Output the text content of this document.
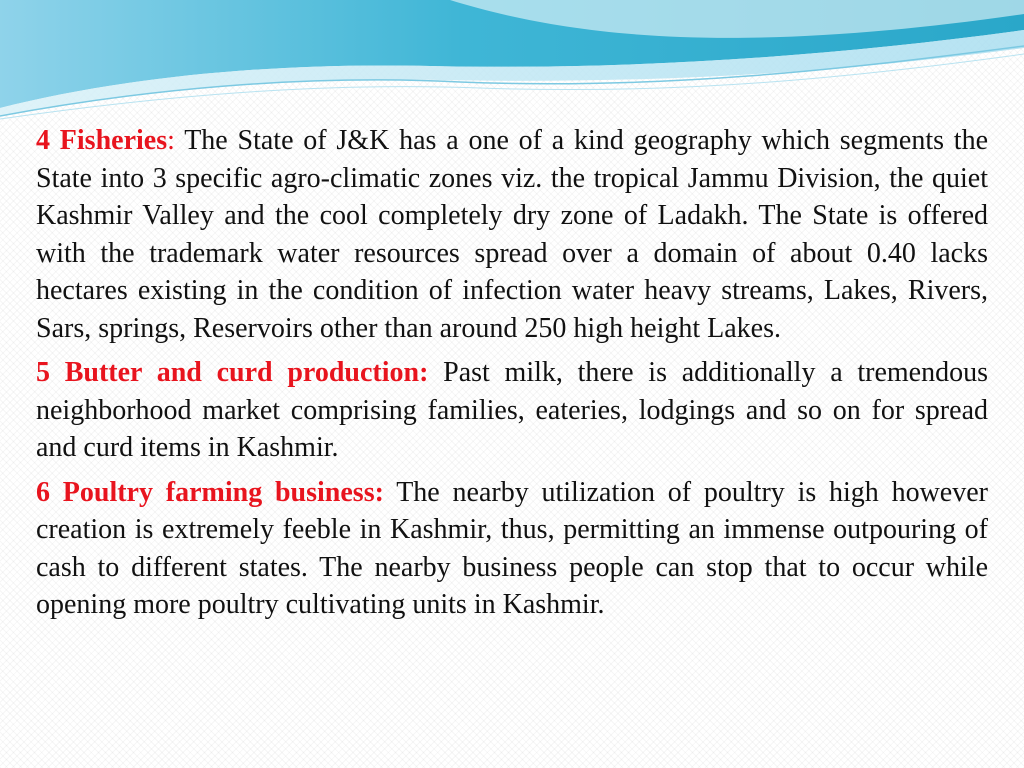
4 Fisheries: The State of J&K has a one of a kind geography which segments the State into 3 specific agro-climatic zones viz. the tropical Jammu Division, the quiet Kashmir Valley and the cool completely dry zone of Ladakh. The State is offered with the trademark water resources spread over a domain of about 0.40 lacks hectares existing in the condition of infection water heavy streams, Lakes, Rivers, Sars, springs, Reservoirs other than around 250 high height Lakes.

5 Butter and curd production: Past milk, there is additionally a tremendous neighborhood market comprising families, eateries, lodgings and so on for spread and curd items in Kashmir.

6 Poultry farming business: The nearby utilization of poultry is high however creation is extremely feeble in Kashmir, thus, permitting an immense outpouring of cash to different states. The nearby business people can stop that to occur while opening more poultry cultivating units in Kashmir.
